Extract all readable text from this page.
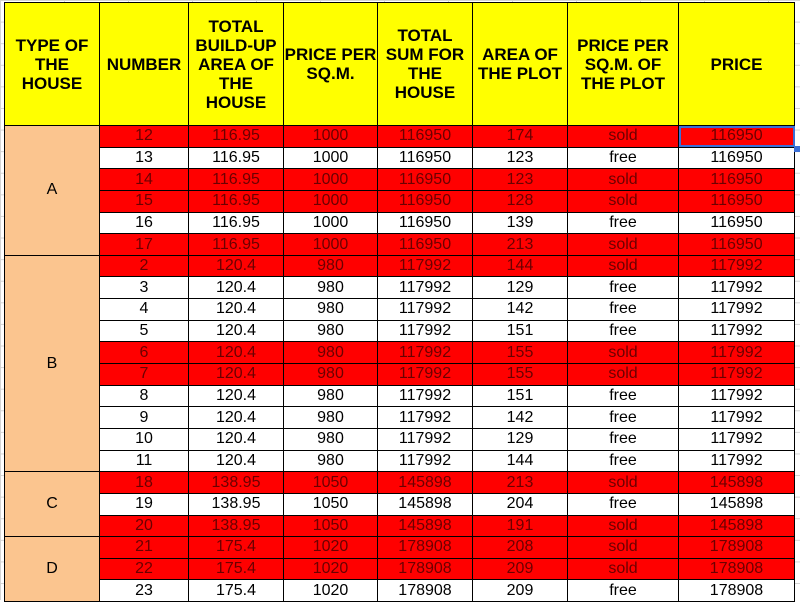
TYPE OF THE HOUSE	NUMBER	TOTAL BUILD-UP AREA OF THE HOUSE	PRICE PER SQ.M.	TOTAL SUM FOR THE HOUSE	AREA OF THE PLOT	PRICE PER SQ.M. OF THE PLOT	PRICE
A	12	116.95	1000	116950	174	sold	116950
	13	116.95	1000	116950	123	free	116950
	14	116.95	1000	116950	123	sold	116950
	15	116.95	1000	116950	128	sold	116950
	16	116.95	1000	116950	139	free	116950
	17	116.95	1000	116950	213	sold	116950
B	2	120.4	980	117992	144	sold	117992
	3	120.4	980	117992	129	free	117992
	4	120.4	980	117992	142	free	117992
	5	120.4	980	117992	151	free	117992
	6	120.4	980	117992	155	sold	117992
	7	120.4	980	117992	155	sold	117992
	8	120.4	980	117992	151	free	117992
	9	120.4	980	117992	142	free	117992
	10	120.4	980	117992	129	free	117992
	11	120.4	980	117992	144	free	117992
C	18	138.95	1050	145898	213	sold	145898
	19	138.95	1050	145898	204	free	145898
	20	138.95	1050	145898	191	sold	145898
D	21	175.4	1020	178908	208	sold	178908
	22	175.4	1020	178908	209	sold	178908
	23	175.4	1020	178908	209	free	178908
